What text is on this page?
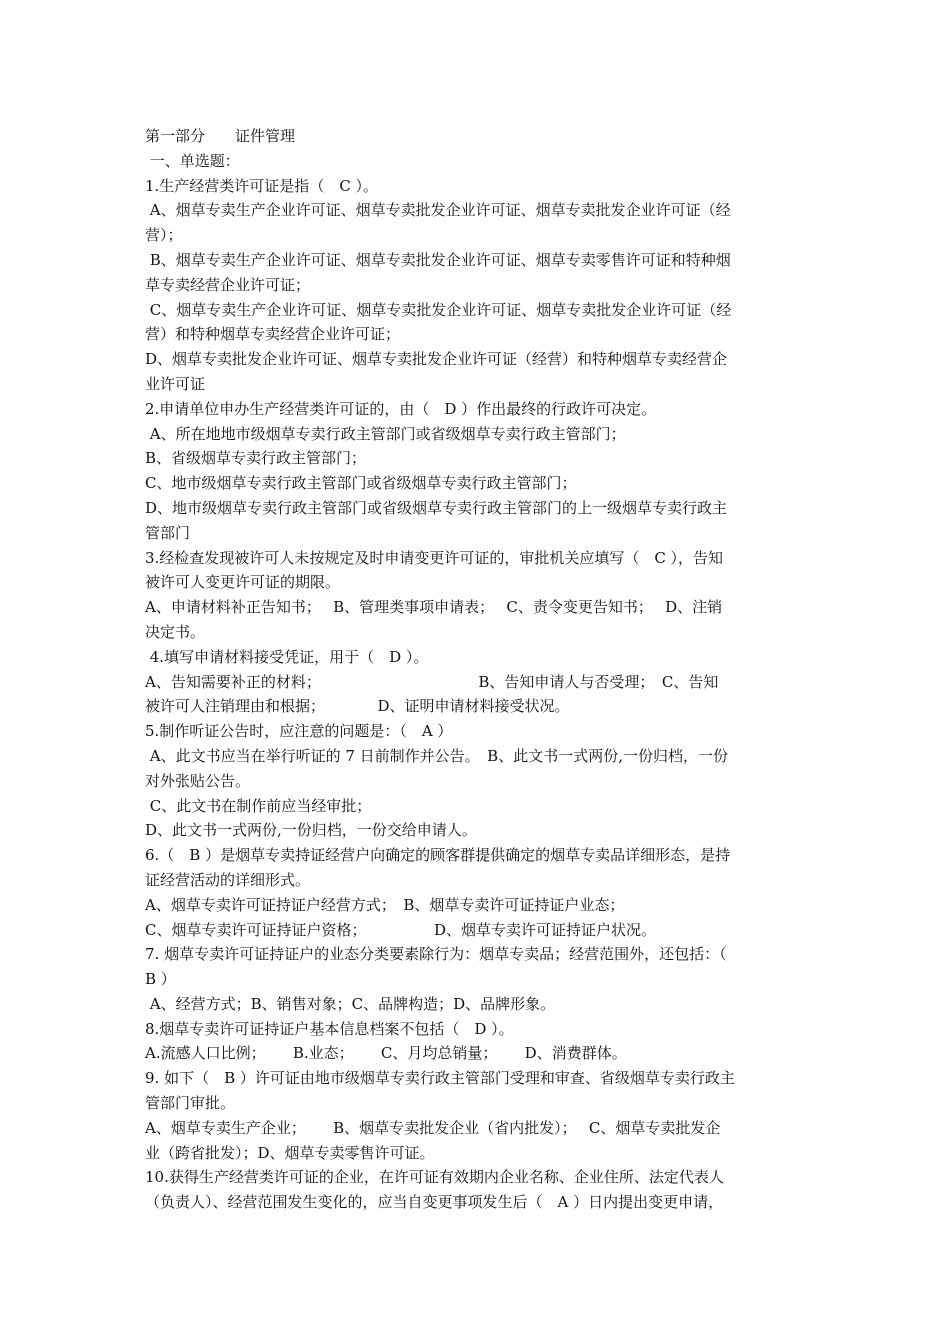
第一部分　　证件管理
一、单选题：
1.生产经营类许可证是指（　C ）。
A、烟草专卖生产企业许可证、烟草专卖批发企业许可证、烟草专卖批发企业许可证（经
营）；
B、烟草专卖生产企业许可证、烟草专卖批发企业许可证、烟草专卖零售许可证和特种烟
草专卖经营企业许可证；
C、烟草专卖生产企业许可证、烟草专卖批发企业许可证、烟草专卖批发企业许可证（经
营）和特种烟草专卖经营企业许可证；
D、烟草专卖批发企业许可证、烟草专卖批发企业许可证（经营）和特种烟草专卖经营企
业许可证
2.申请单位申办生产经营类许可证的，由（　D ）作出最终的行政许可决定。
A、所在地地市级烟草专卖行政主管部门或省级烟草专卖行政主管部门；
B、省级烟草专卖行政主管部门；
C、地市级烟草专卖行政主管部门或省级烟草专卖行政主管部门；
D、地市级烟草专卖行政主管部门或省级烟草专卖行政主管部门的上一级烟草专卖行政主
管部门
3.经检查发现被许可人未按规定及时申请变更许可证的，审批机关应填写（　C ），告知
被许可人变更许可证的期限。
A、申请材料补正告知书；　 B、管理类事项申请表；　 C、责令变更告知书；　 D、注销
决定书。
4.填写申请材料接受凭证，用于（　D ）。
A、告知需要补正的材料；　　　　　　　　　　　B、告知申请人与否受理；　C、告知
被许可人注销理由和根据；　　　　D、证明申请材料接受状况。
5.制作听证公告时，应注意的问题是：（　A ）
A、此文书应当在举行听证的 7 日前制作并公告。　B、此文书一式两份,一份归档，一份
对外张贴公告。
C、此文书在制作前应当经审批；
D、此文书一式两份,一份归档，一份交给申请人。
6.（　B ）是烟草专卖持证经营户向确定的顾客群提供确定的烟草专卖品详细形态，是持
证经营活动的详细形式。
A、烟草专卖许可证持证户经营方式；　B、烟草专卖许可证持证户业态；
C、烟草专卖许可证持证户资格；　　　　　D、烟草专卖许可证持证户状况。
7. 烟草专卖许可证持证户的业态分类要素除行为：烟草专卖品；经营范围外，还包括：（
B ）
A、经营方式；B、销售对象；C、品牌构造；D、品牌形象。
8.烟草专卖许可证持证户基本信息档案不包括（　D ）。
A.流感人口比例；　　 B.业态；　　 C、月均总销量；　　 D、消费群体。
9. 如下（　B ）许可证由地市级烟草专卖行政主管部门受理和审查、省级烟草专卖行政主
管部门审批。
A、烟草专卖生产企业；　　 B、烟草专卖批发企业（省内批发）；　 C、烟草专卖批发企
业（跨省批发）；D、烟草专卖零售许可证。
10.获得生产经营类许可证的企业，在许可证有效期内企业名称、企业住所、法定代表人
（负责人）、经营范围发生变化的，应当自变更事项发生后（　A ）日内提出变更申请，
